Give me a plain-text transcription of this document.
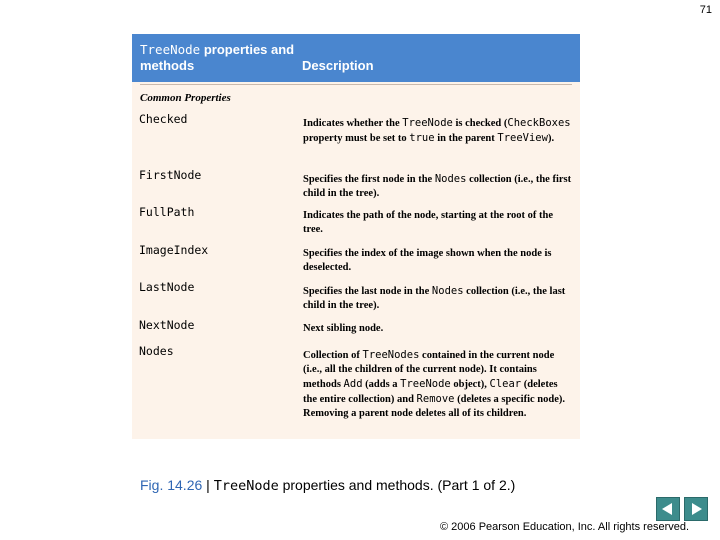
71
TreeNode properties and methods	Description
Common Properties
Checked	Indicates whether the TreeNode is checked (CheckBoxes property must be set to true in the parent TreeView).
FirstNode	Specifies the first node in the Nodes collection (i.e., the first child in the tree).
FullPath	Indicates the path of the node, starting at the root of the tree.
ImageIndex	Specifies the index of the image shown when the node is deselected.
LastNode	Specifies the last node in the Nodes collection (i.e., the last child in the tree).
NextNode	Next sibling node.
Nodes	Collection of TreeNodes contained in the current node (i.e., all the children of the current node). It contains methods Add (adds a TreeNode object), Clear (deletes the entire collection) and Remove (deletes a specific node). Removing a parent node deletes all of its children.
Fig. 14.26 | TreeNode properties and methods. (Part 1 of 2.)
© 2006 Pearson Education, Inc. All rights reserved.
